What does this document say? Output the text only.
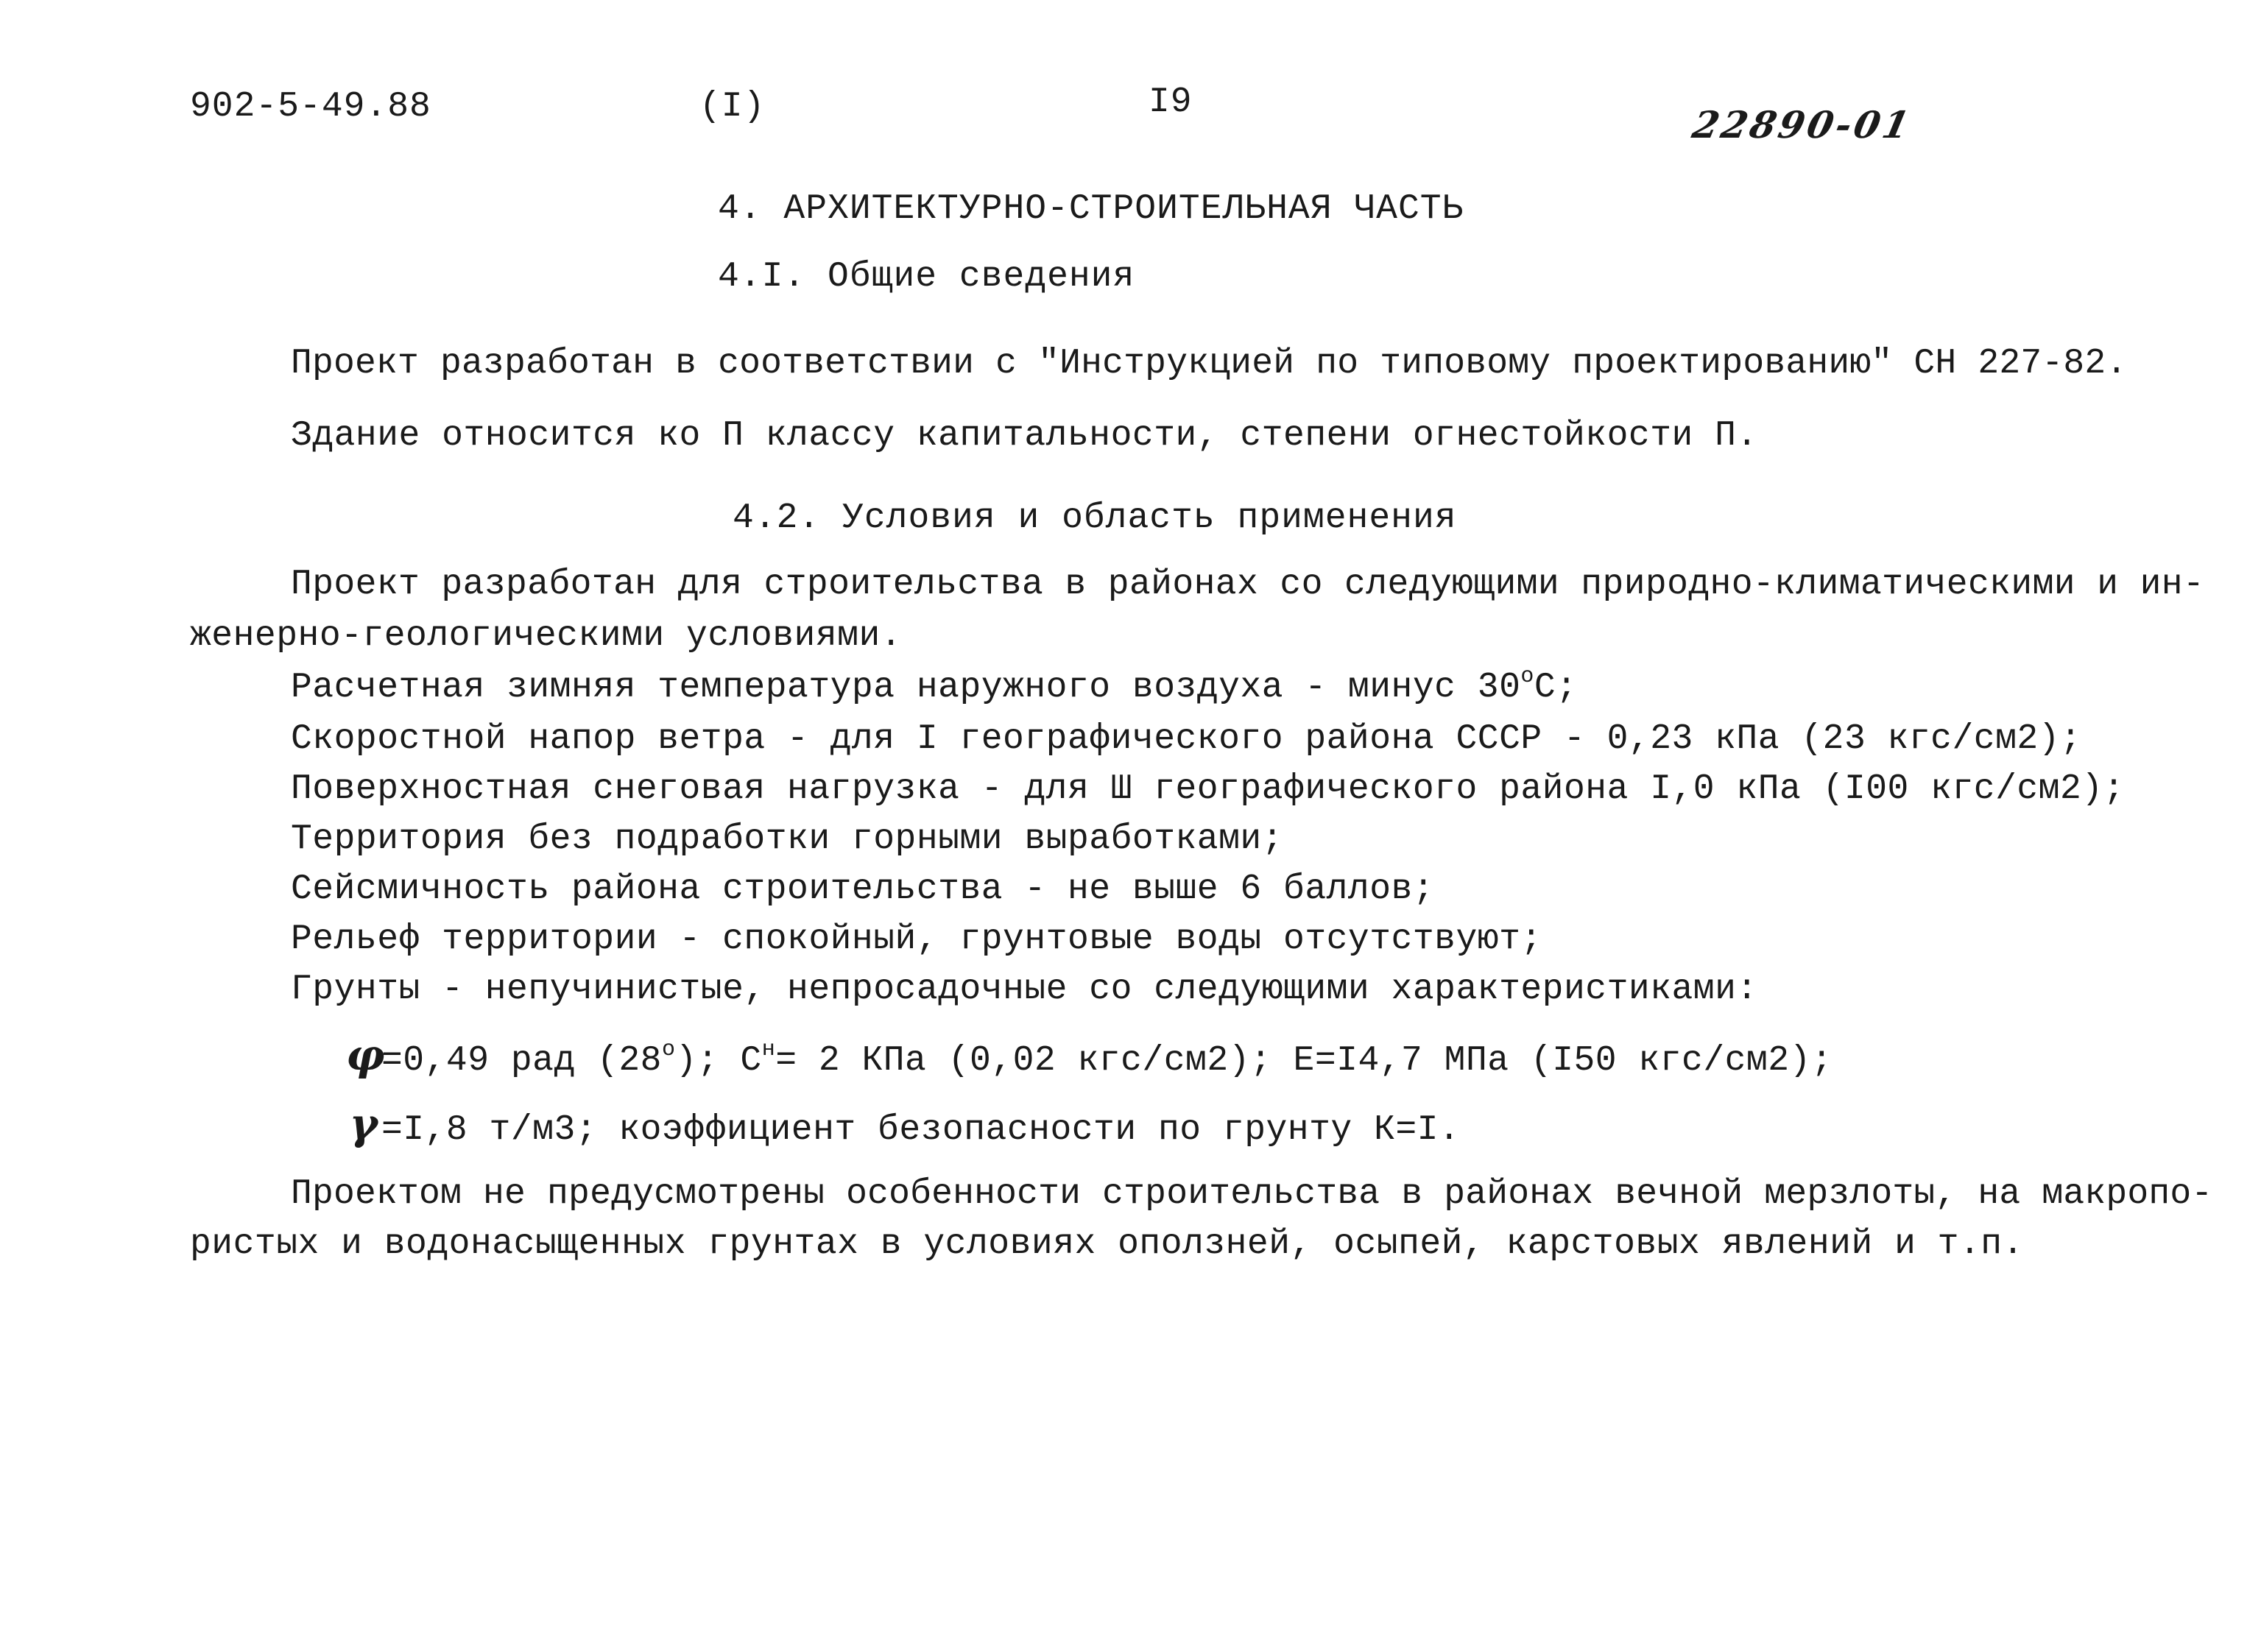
902-5-49.88	(I)	I9
22890-01
4. АРХИТЕКТУРНО-СТРОИТЕЛЬНАЯ ЧАСТЬ
4.I. Общие сведения
Проект разработан в соответствии с "Инструкцией по типовому проектированию" СН 227-82.
Здание относится ко П классу капитальности, степени огнестойкости П.
4.2. Условия и область применения
Проект разработан для строительства в районах со следующими природно-климатическими и ин-
женерно-геологическими условиями.
Расчетная зимняя температура наружного воздуха - минус 30$^o$С;
Скоростной напор ветра - для I географического района СССР - 0,23 кПа (23 кгс/см2);
Поверхностная снеговая нагрузка - для Ш географического района I,0 кПа (I00 кгс/см2);
Территория без подработки горными выработками;
Сейсмичность района строительства - не выше 6 баллов;
Рельеф территории - спокойный, грунтовые воды отсутствуют;
Грунты - непучинистые, непросадочные со следующими характеристиками:
φ=0,49 рад (28$^o$); $С^н= 2$ КПа (0,02 кгс/см2); Е=I4,7 МПа (I50 кгс/см2);
γ=I,8 т/м3; коэффициент безопасности по грунту К=I.
Проектом не предусмотрены особенности строительства в районах вечной мерзлоты, на макропо-
ристых и водонасыщенных грунтах в условиях оползней, осыпей, карстовых явлений и т.п.
